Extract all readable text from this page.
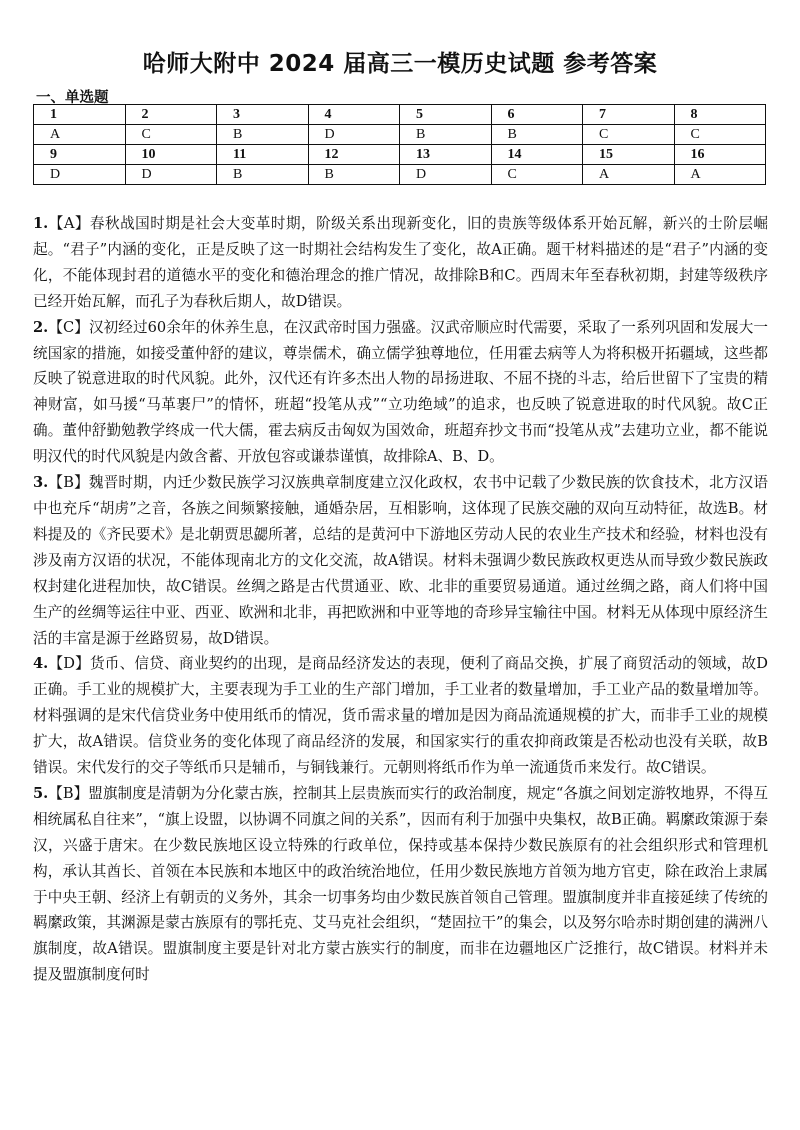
哈师大附中 2024 届高三一模历史试题 参考答案
一、单选题
1	2	3	4	5	6	7	8
A	C	B	D	B	B	C	C
9	10	11	12	13	14	15	16
D	D	B	B	D	C	A	A

1.【A】春秋战国时期是社会大变革时期，阶级关系出现新变化，旧的贵族等级体系开始瓦解，新兴的士阶层崛起。“君子”内涵的变化，正是反映了这一时期社会结构发生了变化，故A正确。题干材料描述的是“君子”内涵的变化，不能体现封君的道德水平的变化和德治理念的推广情况，故排除B和C。西周末年至春秋初期，封建等级秩序已经开始瓦解，而孔子为春秋后期人，故D错误。

2.【C】汉初经过60余年的休养生息，在汉武帝时国力强盛。汉武帝顺应时代需要，采取了一系列巩固和发展大一统国家的措施，如接受董仲舒的建议，尊崇儒术，确立儒学独尊地位，任用霍去病等人为将积极开拓疆域，这些都反映了锐意进取的时代风貌。此外，汉代还有许多杰出人物的昂扬进取、不屈不挠的斗志，给后世留下了宝贵的精神财富，如马援“马革裹尸”的情怀，班超“投笔从戎”“立功绝域”的追求，也反映了锐意进取的时代风貌。故C正确。董仲舒勤勉教学终成一代大儒，霍去病反击匈奴为国效命，班超弃抄文书而“投笔从戎”去建功立业，都不能说明汉代的时代风貌是内敛含蓄、开放包容或谦恭谨慎，故排除A、B、D。

3.【B】魏晋时期，内迁少数民族学习汉族典章制度建立汉化政权，农书中记载了少数民族的饮食技术，北方汉语中也充斥“胡虏”之音，各族之间频繁接触，通婚杂居，互相影响，这体现了民族交融的双向互动特征，故选B。材料提及的《齐民要术》是北朝贾思勰所著，总结的是黄河中下游地区劳动人民的农业生产技术和经验，材料也没有涉及南方汉语的状况，不能体现南北方的文化交流，故A错误。材料未强调少数民族政权更迭从而导致少数民族政权封建化进程加快，故C错误。丝绸之路是古代贯通亚、欧、北非的重要贸易通道。通过丝绸之路，商人们将中国生产的丝绸等运往中亚、西亚、欧洲和北非，再把欧洲和中亚等地的奇珍异宝输往中国。材料无从体现中原经济生活的丰富是源于丝路贸易，故D错误。

4.【D】货币、信贷、商业契约的出现，是商品经济发达的表现，便利了商品交换，扩展了商贸活动的领域，故D正确。手工业的规模扩大，主要表现为手工业的生产部门增加，手工业者的数量增加，手工业产品的数量增加等。材料强调的是宋代信贷业务中使用纸币的情况，货币需求量的增加是因为商品流通规模的扩大，而非手工业的规模扩大，故A错误。信贷业务的变化体现了商品经济的发展，和国家实行的重农抑商政策是否松动也没有关联，故B错误。宋代发行的交子等纸币只是辅币，与铜钱兼行。元朝则将纸币作为单一流通货币来发行。故C错误。

5.【B】盟旗制度是清朝为分化蒙古族，控制其上层贵族而实行的政治制度，规定“各旗之间划定游牧地界，不得互相统属私自往来”，“旗上设盟，以协调不同旗之间的关系”，因而有利于加强中央集权，故B正确。羁縻政策源于秦汉，兴盛于唐宋。在少数民族地区设立特殊的行政单位，保持或基本保持少数民族原有的社会组织形式和管理机构，承认其酋长、首领在本民族和本地区中的政治统治地位，任用少数民族地方首领为地方官吏，除在政治上隶属于中央王朝、经济上有朝贡的义务外，其余一切事务均由少数民族首领自己管理。盟旗制度并非直接延续了传统的羁縻政策，其渊源是蒙古族原有的鄂托克、艾马克社会组织，“楚固拉干”的集会，以及努尔哈赤时期创建的满洲八旗制度，故A错误。盟旗制度主要是针对北方蒙古族实行的制度，而非在边疆地区广泛推行，故C错误。材料并未提及盟旗制度何时
